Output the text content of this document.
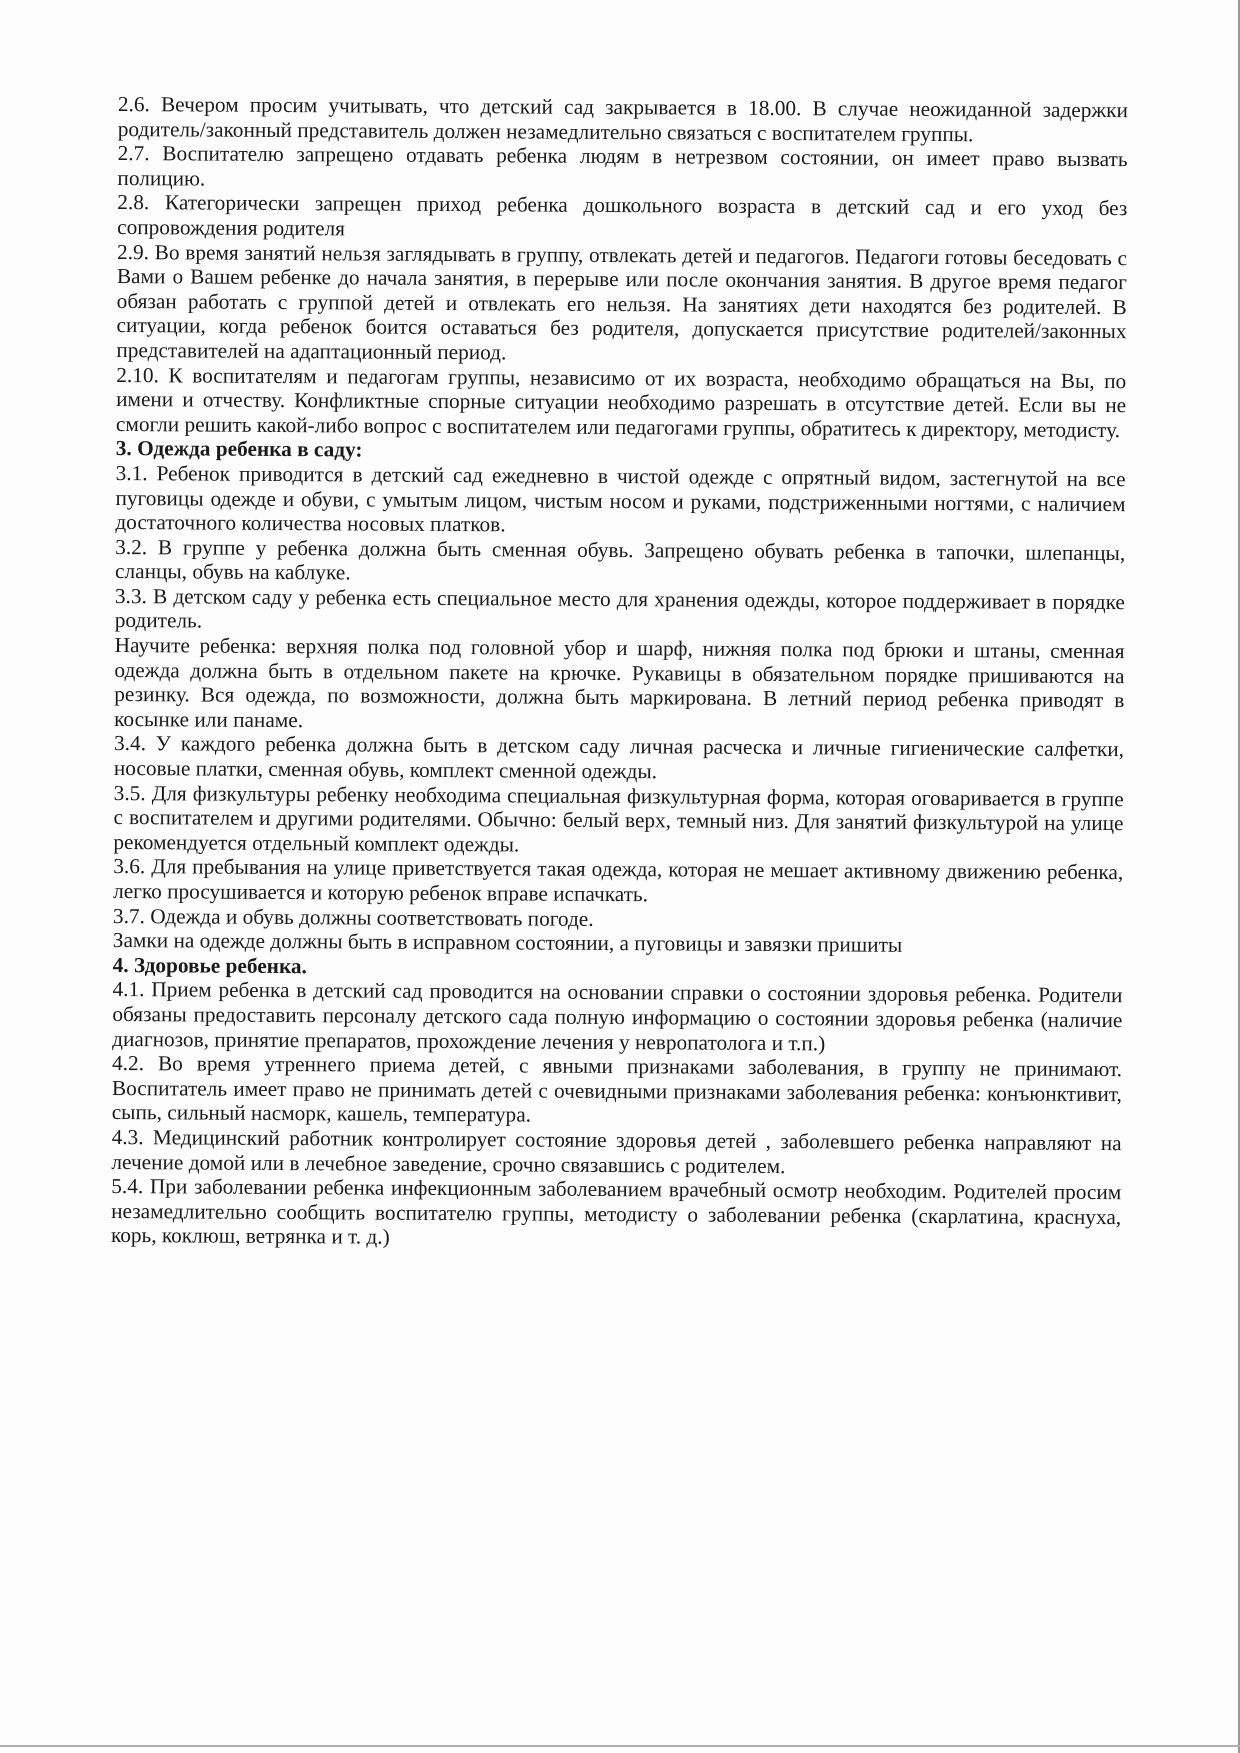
2.6. Вечером просим учитывать, что детский сад закрывается в 18.00. В случае неожиданной задержки родитель/законный представитель должен незамедлительно связаться с воспитателем группы.

2.7. Воспитателю запрещено отдавать ребенка людям в нетрезвом состоянии, он имеет право вызвать полицию.

2.8. Категорически запрещен приход ребенка дошкольного возраста в детский сад и его уход без сопровождения родителя

2.9. Во время занятий нельзя заглядывать в группу, отвлекать детей и педагогов. Педагоги готовы беседовать с Вами о Вашем ребенке до начала занятия, в перерыве или после окончания занятия. В другое время педагог обязан работать с группой детей и отвлекать его нельзя. На занятиях дети находятся без родителей. В ситуации, когда ребенок боится оставаться без родителя, допускается присутствие родителей/законных представителей на адаптационный период.

2.10. К воспитателям и педагогам группы, независимо от их возраста, необходимо обращаться на Вы, по имени и отчеству. Конфликтные спорные ситуации необходимо разрешать в отсутствие детей. Если вы не смогли решить какой-либо вопрос с воспитателем или педагогами группы, обратитесь к директору, методисту.

3. Одежда ребенка в саду:

3.1. Ребенок приводится в детский сад ежедневно в чистой одежде с опрятный видом, застегнутой на все пуговицы одежде и обуви, с умытым лицом, чистым носом и руками, подстриженными ногтями, с наличием достаточного количества носовых платков.

3.2. В группе у ребенка должна быть сменная обувь. Запрещено обувать ребенка в тапочки, шлепанцы, сланцы, обувь на каблуке.

3.3. В детском саду у ребенка есть специальное место для хранения одежды, которое поддерживает в порядке родитель.

Научите ребенка: верхняя полка под головной убор и шарф, нижняя полка под брюки и штаны, сменная одежда должна быть в отдельном пакете на крючке. Рукавицы в обязательном порядке пришиваются на резинку. Вся одежда, по возможности, должна быть маркирована. В летний период ребенка приводят в косынке или панаме.

3.4. У каждого ребенка должна быть в детском саду личная расческа и личные гигиенические салфетки, носовые платки, сменная обувь, комплект сменной одежды.

3.5. Для физкультуры ребенку необходима специальная физкультурная форма, которая оговаривается в группе с воспитателем и другими родителями. Обычно: белый верх, темный низ. Для занятий физкультурой на улице рекомендуется отдельный комплект одежды.

3.6. Для пребывания на улице приветствуется такая одежда, которая не мешает активному движению ребенка, легко просушивается и которую ребенок вправе испачкать.

3.7. Одежда и обувь должны соответствовать погоде.

Замки на одежде должны быть в исправном состоянии, а пуговицы и завязки пришиты

4. Здоровье ребенка.

4.1. Прием ребенка в детский сад проводится на основании справки о состоянии здоровья ребенка. Родители обязаны предоставить персоналу детского сада полную информацию о состоянии здоровья ребенка (наличие диагнозов, принятие препаратов, прохождение лечения у невропатолога и т.п.)

4.2. Во время утреннего приема детей, с явными признаками заболевания, в группу не принимают. Воспитатель имеет право не принимать детей с очевидными признаками заболевания ребенка: конъюнктивит, сыпь, сильный насморк, кашель, температура.

4.3. Медицинский работник контролирует состояние здоровья детей , заболевшего ребенка направляют на лечение домой или в лечебное заведение, срочно связавшись с родителем.

5.4. При заболевании ребенка инфекционным заболеванием врачебный осмотр необходим. Родителей просим незамедлительно сообщить воспитателю группы, методисту о заболевании ребенка (скарлатина, краснуха, корь, коклюш, ветрянка и т. д.)
